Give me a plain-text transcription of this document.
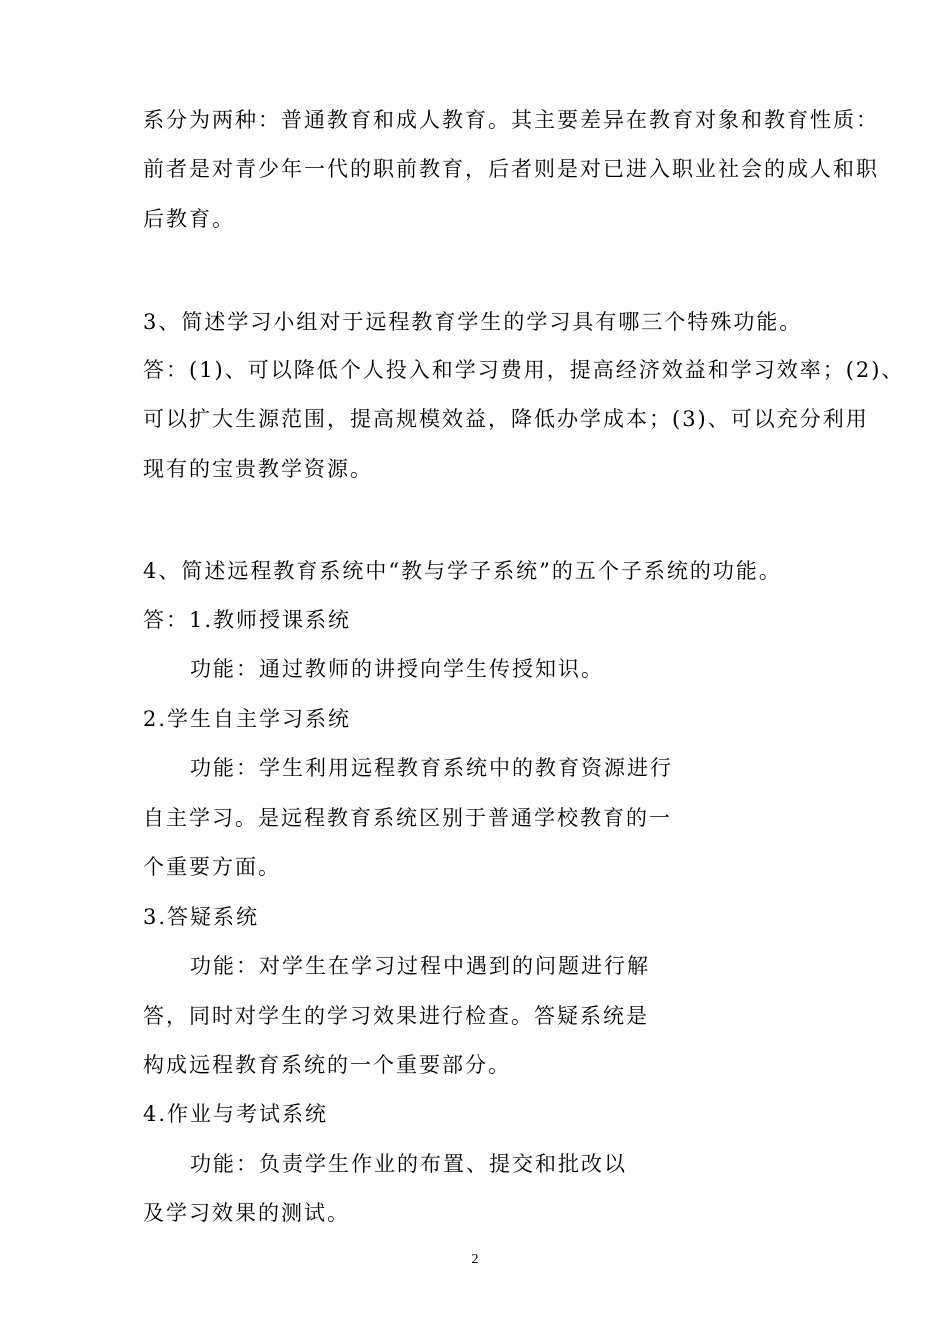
系分为两种：普通教育和成人教育。其主要差异在教育对象和教育性质：
前者是对青少年一代的职前教育，后者则是对已进入职业社会的成人和职
后教育。
3、简述学习小组对于远程教育学生的学习具有哪三个特殊功能。
答：(1)、可以降低个人投入和学习费用，提高经济效益和学习效率；(2)、
可以扩大生源范围，提高规模效益，降低办学成本；(3)、可以充分利用
现有的宝贵教学资源。
4、简述远程教育系统中“教与学子系统”的五个子系统的功能。
答：1.教师授课系统
功能：通过教师的讲授向学生传授知识。
2.学生自主学习系统
功能：学生利用远程教育系统中的教育资源进行
自主学习。是远程教育系统区别于普通学校教育的一
个重要方面。
3.答疑系统
功能：对学生在学习过程中遇到的问题进行解
答，同时对学生的学习效果进行检查。答疑系统是
构成远程教育系统的一个重要部分。
4.作业与考试系统
功能：负责学生作业的布置、提交和批改以
及学习效果的测试。
2
